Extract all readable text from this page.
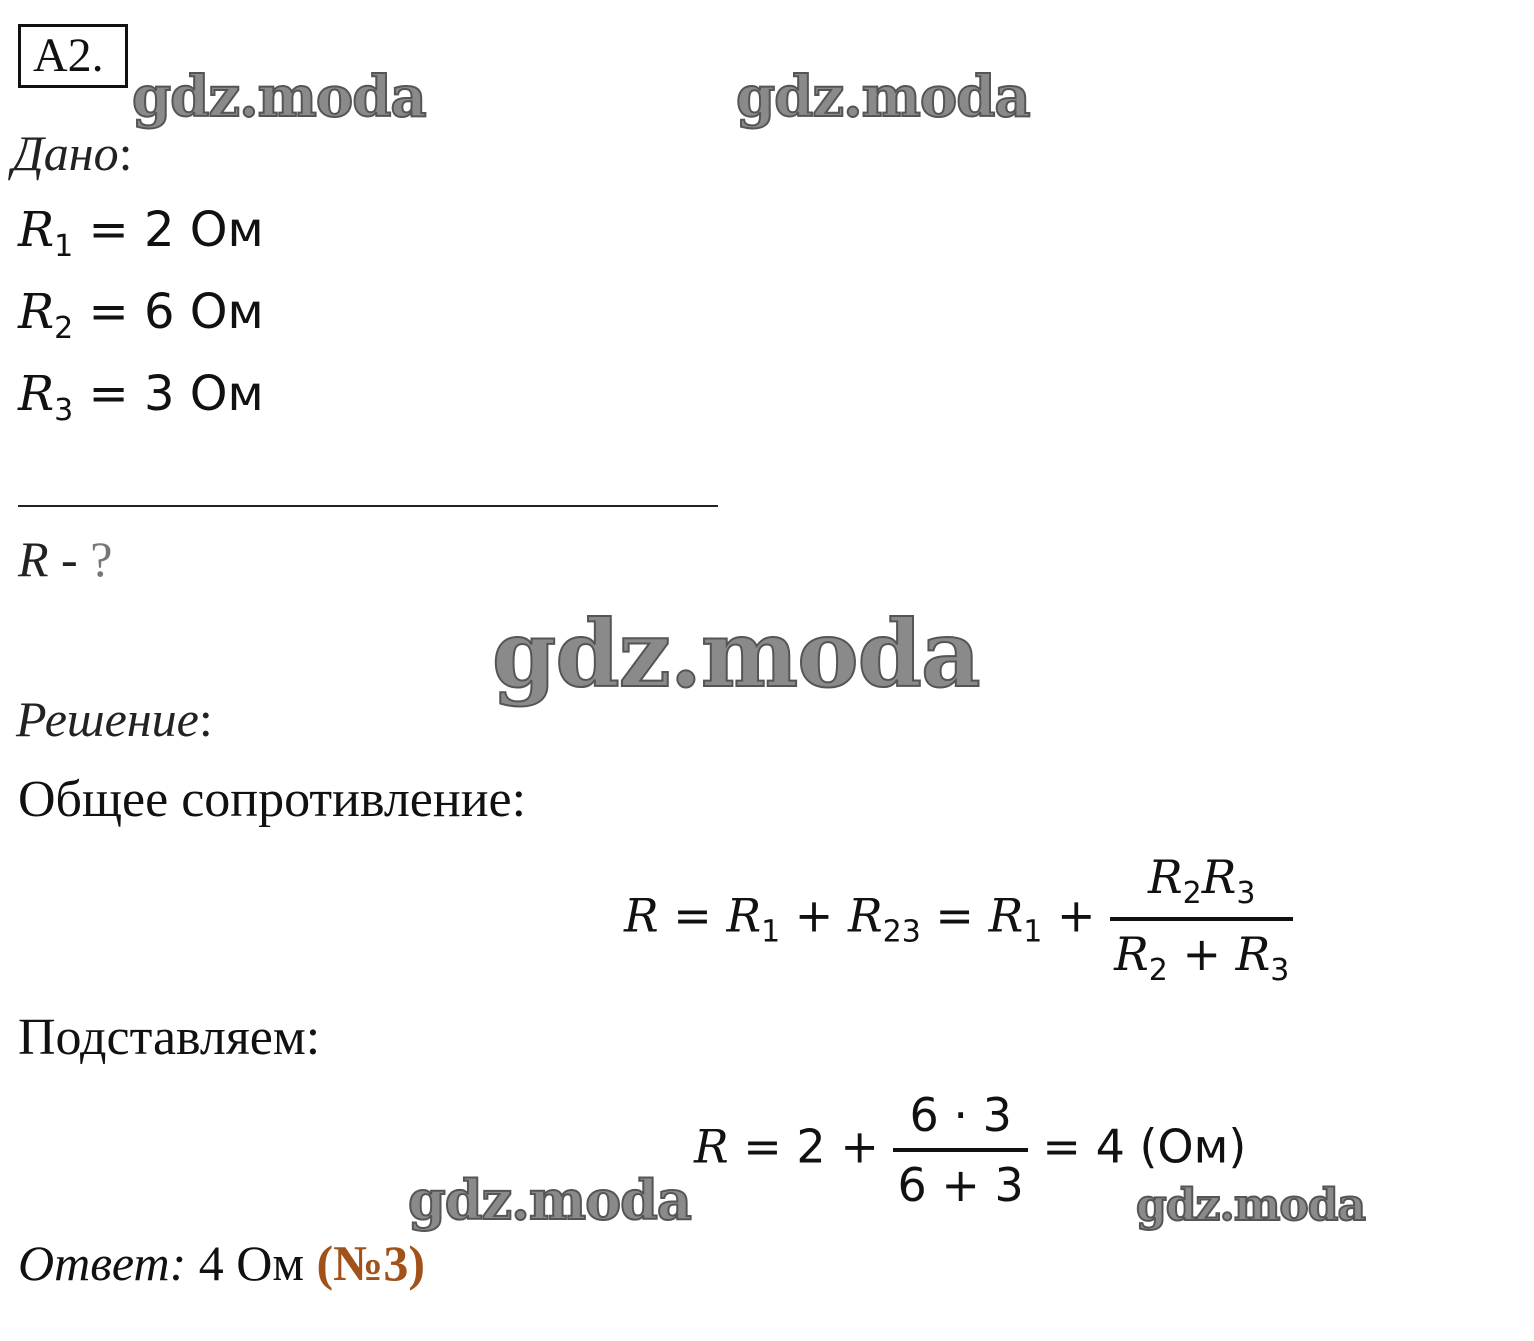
А2.
gdz.moda	gdz.moda
gdz.moda
gdz.moda	gdz.moda
Дано:
$R_1 = 2$ Ом
$R_2 = 6$ Ом
$R_3 = 3$ Ом
R - ?
Решение:
Общее сопротивление:
$R = R_1 + R_{23} = R_1 + \frac{R_2R_3}{R_2 + R_3}$
Подставляем:
$R = 2 + \frac{6 \cdot 3}{6 + 3} = 4$ (Ом)
Ответ: 4 Ом (№3)
